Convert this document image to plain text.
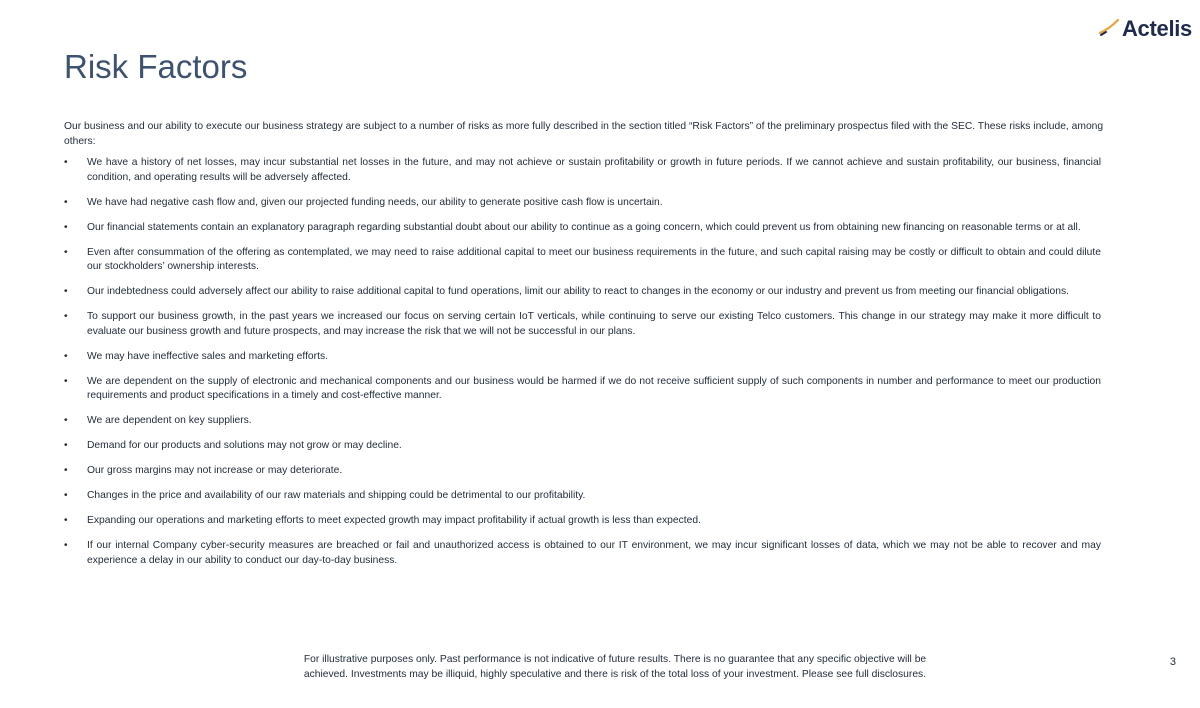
Actelis
Risk Factors

Our business and our ability to execute our business strategy are subject to a number of risks as more fully described in the section titled “Risk Factors” of the preliminary prospectus filed with the SEC. These risks include, among others:

• We have a history of net losses, may incur substantial net losses in the future, and may not achieve or sustain profitability or growth in future periods. If we cannot achieve and sustain profitability, our business, financial condition, and operating results will be adversely affected.
• We have had negative cash flow and, given our projected funding needs, our ability to generate positive cash flow is uncertain.
• Our financial statements contain an explanatory paragraph regarding substantial doubt about our ability to continue as a going concern, which could prevent us from obtaining new financing on reasonable terms or at all.
• Even after consummation of the offering as contemplated, we may need to raise additional capital to meet our business requirements in the future, and such capital raising may be costly or difficult to obtain and could dilute our stockholders’ ownership interests.
• Our indebtedness could adversely affect our ability to raise additional capital to fund operations, limit our ability to react to changes in the economy or our industry and prevent us from meeting our financial obligations.
• To support our business growth, in the past years we increased our focus on serving certain IoT verticals, while continuing to serve our existing Telco customers. This change in our strategy may make it more difficult to evaluate our business growth and future prospects, and may increase the risk that we will not be successful in our plans.
• We may have ineffective sales and marketing efforts.
• We are dependent on the supply of electronic and mechanical components and our business would be harmed if we do not receive sufficient supply of such components in number and performance to meet our production requirements and product specifications in a timely and cost-effective manner.
• We are dependent on key suppliers.
• Demand for our products and solutions may not grow or may decline.
• Our gross margins may not increase or may deteriorate.
• Changes in the price and availability of our raw materials and shipping could be detrimental to our profitability.
• Expanding our operations and marketing efforts to meet expected growth may impact profitability if actual growth is less than expected.
• If our internal Company cyber-security measures are breached or fail and unauthorized access is obtained to our IT environment, we may incur significant losses of data, which we may not be able to recover and may experience a delay in our ability to conduct our day-to-day business.
For illustrative purposes only. Past performance is not indicative of future results. There is no guarantee that any specific objective will be
achieved. Investments may be illiquid, highly speculative and there is risk of the total loss of your investment. Please see full disclosures.
3
